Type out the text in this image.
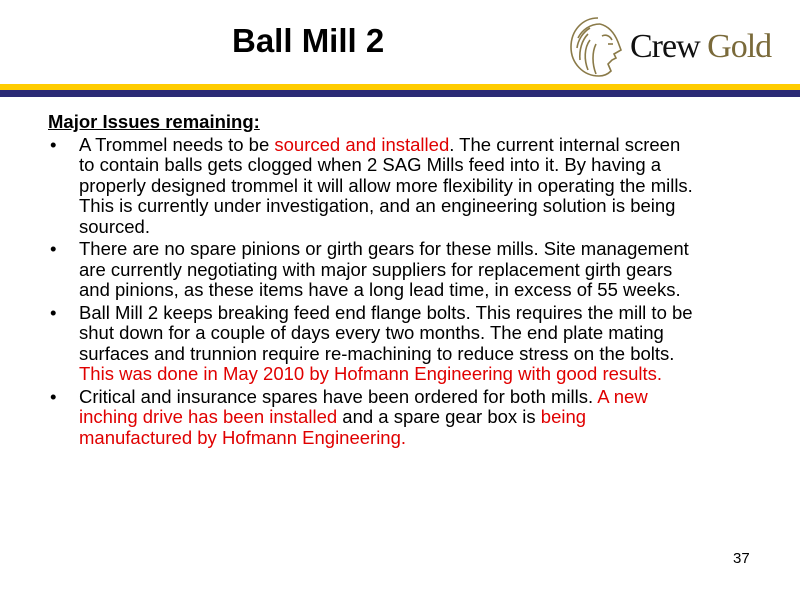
Ball Mill 2	Crew Gold
Major Issues remaining:
• A Trommel needs to be sourced and installed. The current internal screen to contain balls gets clogged when 2 SAG Mills feed into it. By having a properly designed trommel it will allow more flexibility in operating the mills. This is currently under investigation, and an engineering solution is being sourced.
• There are no spare pinions or girth gears for these mills. Site management are currently negotiating with major suppliers for replacement girth gears and pinions, as these items have a long lead time, in excess of 55 weeks.
• Ball Mill 2 keeps breaking feed end flange bolts. This requires the mill to be shut down for a couple of days every two months. The end plate mating surfaces and trunnion require re-machining to reduce stress on the bolts. This was done in May 2010 by Hofmann Engineering with good results.
• Critical and insurance spares have been ordered for both mills. A new inching drive has been installed and a spare gear box is being manufactured by Hofmann Engineering.
37
